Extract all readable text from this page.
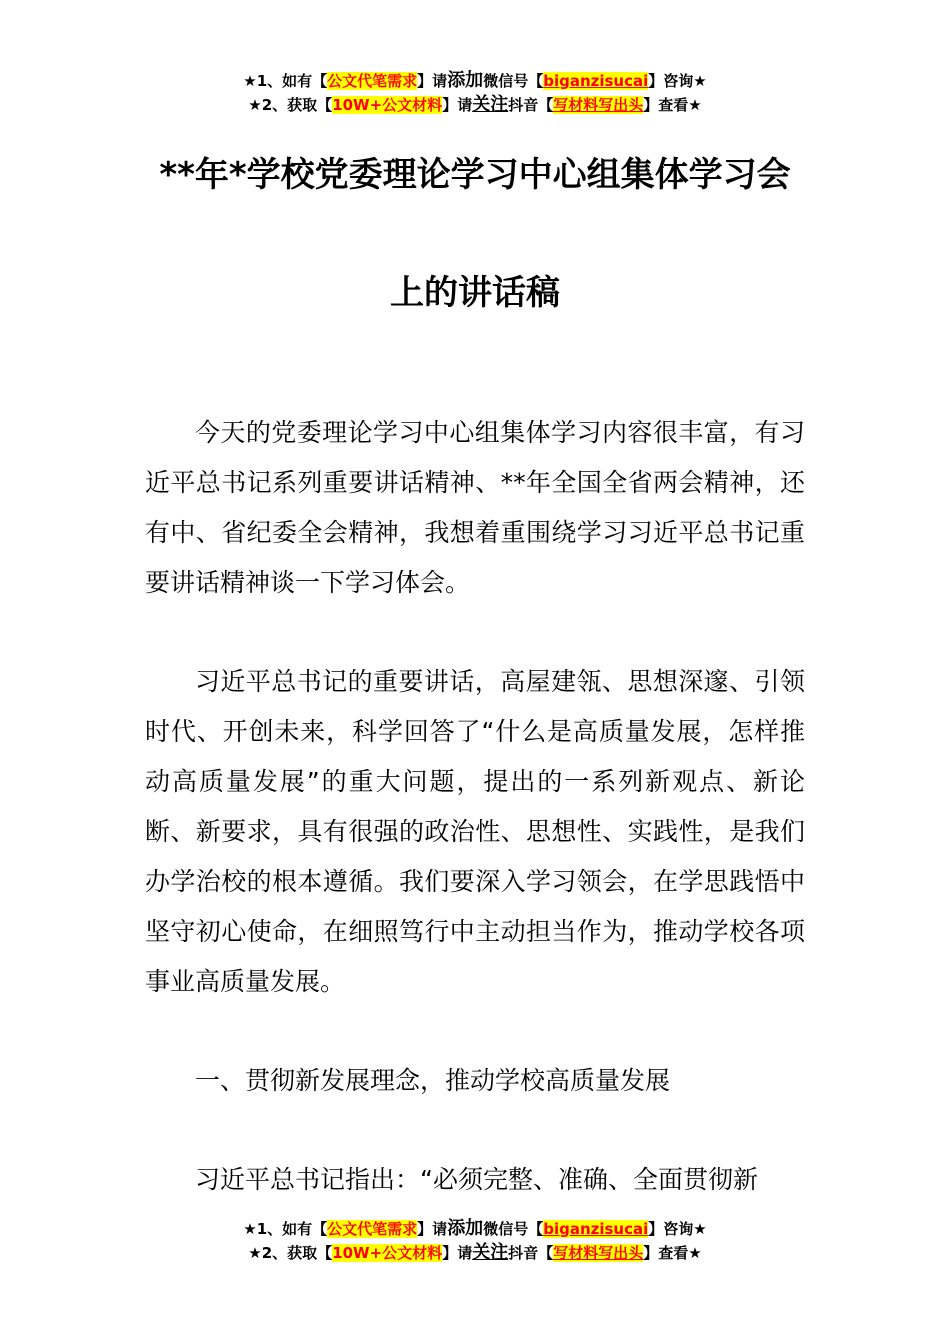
★1、如有【公文代笔需求】请添加微信号【biganzisucai】咨询★
★2、获取【10W+公文材料】请关注抖音【写材料写出头】查看★
**年*学校党委理论学习中心组集体学习会
上的讲话稿

今天的党委理论学习中心组集体学习内容很丰富，有习近平总书记系列重要讲话精神、**年全国全省两会精神，还有中、省纪委全会精神，我想着重围绕学习习近平总书记重要讲话精神谈一下学习体会。

习近平总书记的重要讲话，高屋建瓴、思想深邃、引领时代、开创未来，科学回答了“什么是高质量发展，怎样推动高质量发展”的重大问题，提出的一系列新观点、新论断、新要求，具有很强的政治性、思想性、实践性，是我们办学治校的根本遵循。我们要深入学习领会，在学思践悟中坚守初心使命，在细照笃行中主动担当作为，推动学校各项事业高质量发展。

一、贯彻新发展理念，推动学校高质量发展

习近平总书记指出：“必须完整、准确、全面贯彻新

★1、如有【公文代笔需求】请添加微信号【biganzisucai】咨询★
★2、获取【10W+公文材料】请关注抖音【写材料写出头】查看★
